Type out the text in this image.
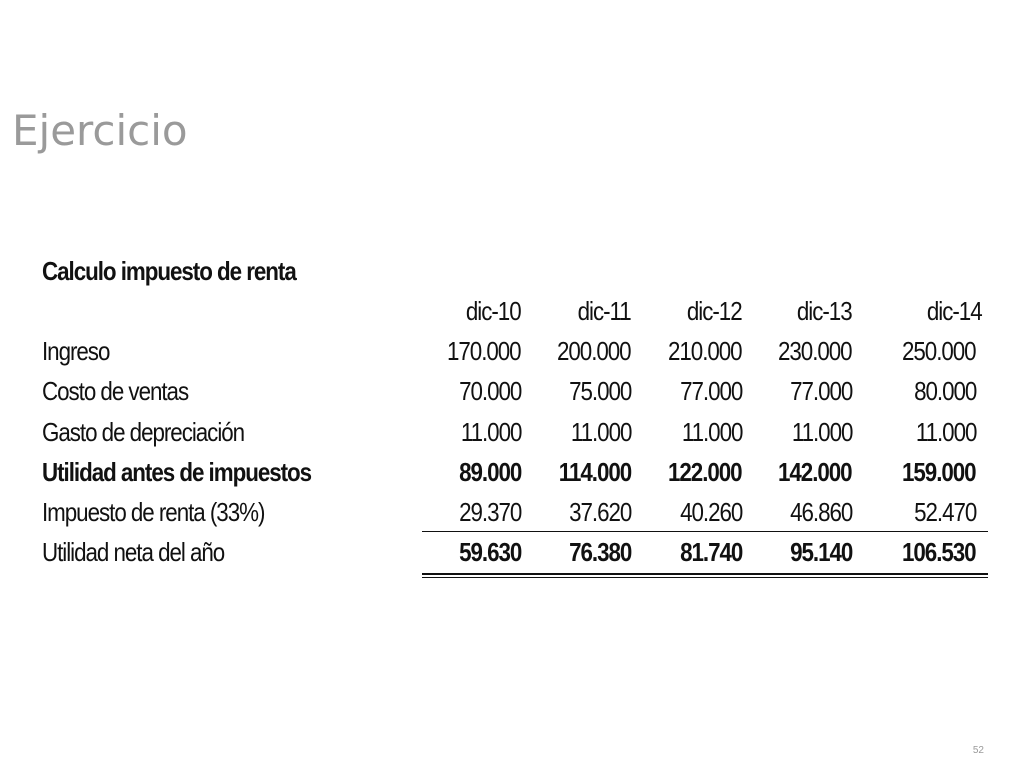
Ejercicio
Calculo impuesto de renta
dic-10 dic-11 dic-12 dic-13	dic-14
Ingreso	170.000 200.000 210.000 230.000 250.000
Costo de ventas	70.000 75.000 77.000 77.000 80.000
Gasto de depreciación	11.000 11.000 11.000 11.000 11.000
Utilidad antes de impuestos	89.000 114.000 122.000 142.000 159.000
Impuesto de renta (33%)	29.370 37.620 40.260 46.860 52.470
Utilidad neta del año	59.630 76.380 81.740 95.140 106.530
52
